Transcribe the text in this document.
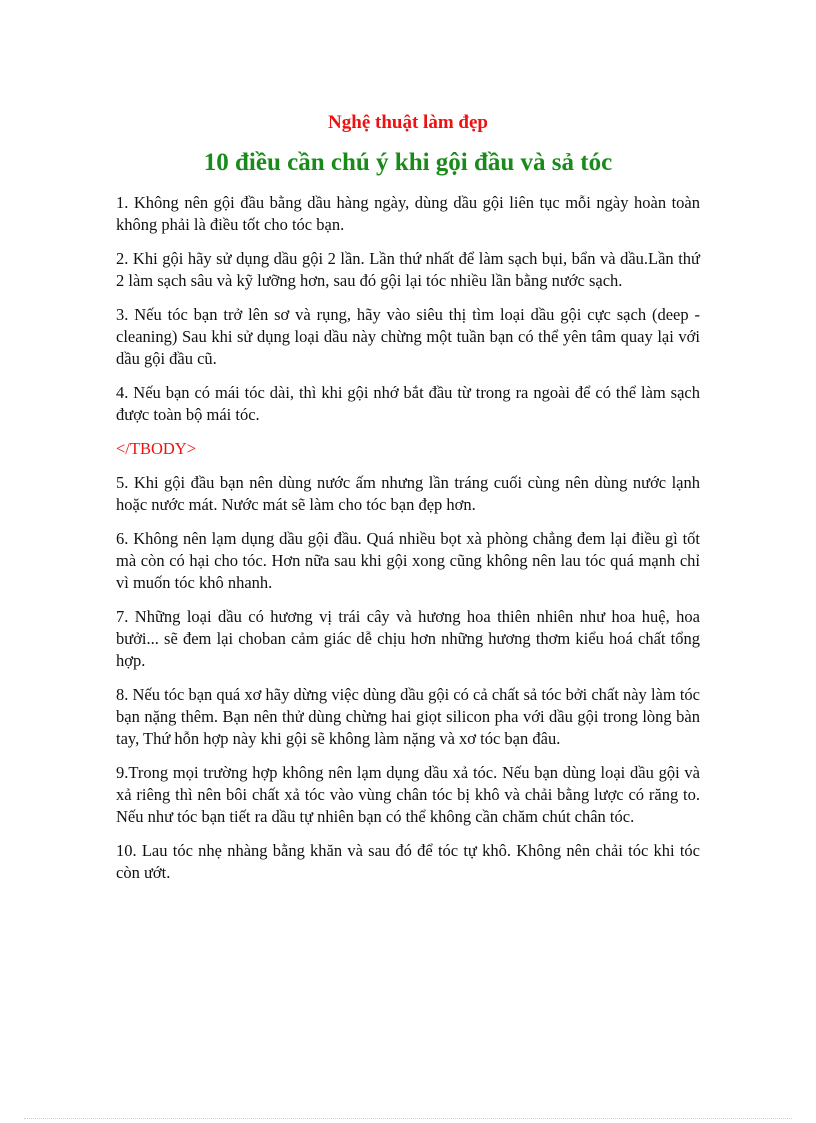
Nghệ thuật làm đẹp
10 điều cần chú ý khi gội đầu và sả tóc

1. Không nên gội đầu bằng dầu hàng ngày, dùng dầu gội liên tục mỗi ngày hoàn toàn không phải là điều tốt cho tóc bạn.

2. Khi gội hãy sử dụng dầu gội 2 lần. Lần thứ nhất để làm sạch bụi, bẩn và dầu.Lần thứ 2 làm sạch sâu và kỹ lưỡng hơn, sau đó gội lại tóc nhiều lần bằng nước sạch.

3. Nếu tóc bạn trở lên sơ và rụng, hãy vào siêu thị tìm loại dầu gội cực sạch (deep - cleaning) Sau khi sử dụng loại dầu này chừng một tuần bạn có thể yên tâm quay lại với dầu gội đầu cũ.

4. Nếu bạn có mái tóc dài, thì khi gội nhớ bắt đầu từ trong ra ngoài để có thể làm sạch được toàn bộ mái tóc.

</TBODY>

5. Khi gội đầu bạn nên dùng nước ấm nhưng lần tráng cuối cùng nên dùng nước lạnh hoặc nước mát. Nước mát sẽ làm cho tóc bạn đẹp hơn.

6. Không nên lạm dụng dầu gội đầu. Quá nhiều bọt xà phòng chẳng đem lại điều gì tốt mà còn có hại cho tóc. Hơn nữa sau khi gội xong cũng không nên lau tóc quá mạnh chỉ vì muốn tóc khô nhanh.

7. Những loại dầu có hương vị trái cây và hương hoa thiên nhiên như hoa huệ, hoa bưởi... sẽ đem lại choban cảm giác dễ chịu hơn những hương thơm kiểu hoá chất tổng hợp.

8. Nếu tóc bạn quá xơ hãy dừng việc dùng dầu gội có cả chất sả tóc bởi chất này làm tóc bạn nặng thêm. Bạn nên thử dùng chừng hai giọt silicon pha với dầu gội trong lòng bàn tay, Thứ hỗn hợp này khi gội sẽ không làm nặng và xơ tóc bạn đâu.

9.Trong mọi trường hợp không nên lạm dụng dầu xả tóc. Nếu bạn dùng loại dầu gội và xả riêng thì nên bôi chất xả tóc vào vùng chân tóc bị khô và chải bằng lược có răng to. Nếu như tóc bạn tiết ra dầu tự nhiên bạn có thể không cần chăm chút chân tóc.

10. Lau tóc nhẹ nhàng bằng khăn và sau đó để tóc tự khô. Không nên chải tóc khi tóc còn ướt.
